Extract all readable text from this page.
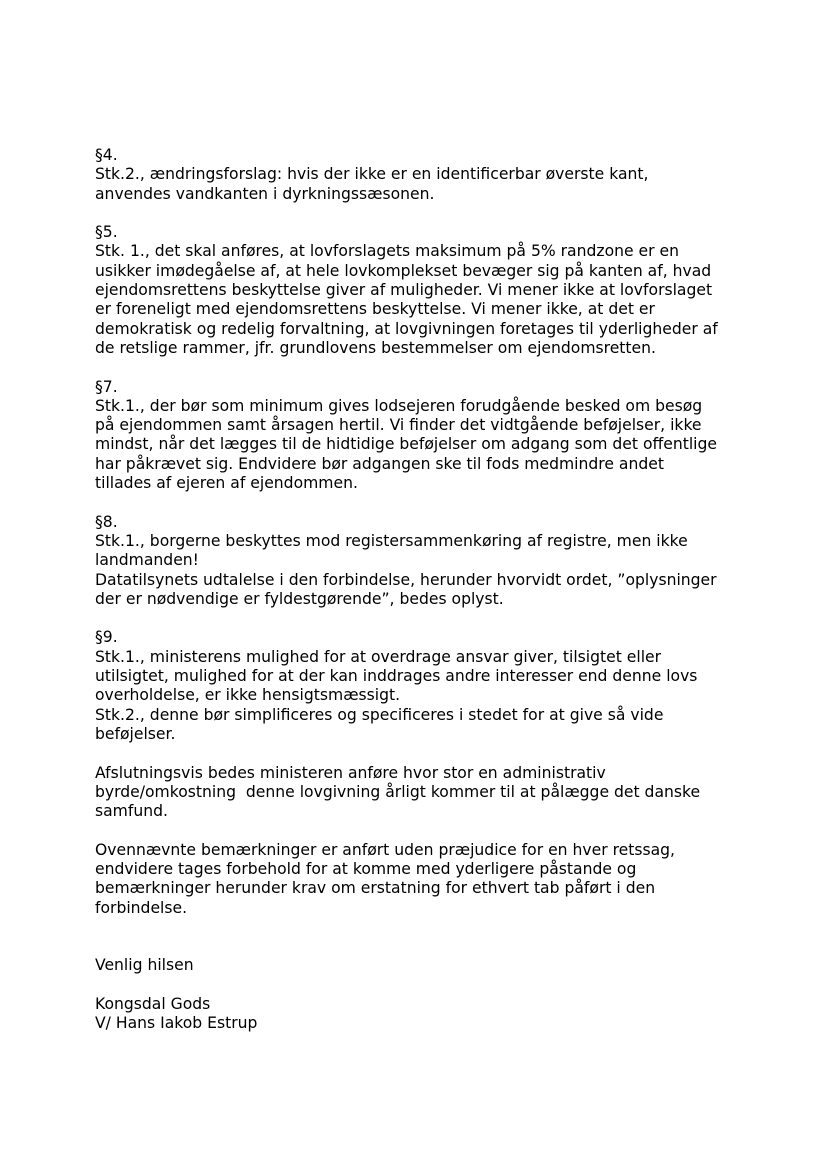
§4.
Stk.2., ændringsforslag: hvis der ikke er en identificerbar øverste kant,
anvendes vandkanten i dyrkningssæsonen.
§5.
Stk. 1., det skal anføres, at lovforslagets maksimum på 5% randzone er en
usikker imødegåelse af, at hele lovkomplekset bevæger sig på kanten af, hvad
ejendomsrettens beskyttelse giver af muligheder. Vi mener ikke at lovforslaget
er foreneligt med ejendomsrettens beskyttelse. Vi mener ikke, at det er
demokratisk og redelig forvaltning, at lovgivningen foretages til yderligheder af
de retslige rammer, jfr. grundlovens bestemmelser om ejendomsretten.
§7.
Stk.1., der bør som minimum gives lodsejeren forudgående besked om besøg
på ejendommen samt årsagen hertil. Vi finder det vidtgående beføjelser, ikke
mindst, når det lægges til de hidtidige beføjelser om adgang som det offentlige
har påkrævet sig. Endvidere bør adgangen ske til fods medmindre andet
tillades af ejeren af ejendommen.
§8.
Stk.1., borgerne beskyttes mod registersammenkøring af registre, men ikke
landmanden!
Datatilsynets udtalelse i den forbindelse, herunder hvorvidt ordet, ”oplysninger
der er nødvendige er fyldestgørende”, bedes oplyst.
§9.
Stk.1., ministerens mulighed for at overdrage ansvar giver, tilsigtet eller
utilsigtet, mulighed for at der kan inddrages andre interesser end denne lovs
overholdelse, er ikke hensigtsmæssigt.
Stk.2., denne bør simplificeres og specificeres i stedet for at give så vide
beføjelser.
Afslutningsvis bedes ministeren anføre hvor stor en administrativ
byrde/omkostning  denne lovgivning årligt kommer til at pålægge det danske
samfund.
Ovennævnte bemærkninger er anført uden præjudice for en hver retssag,
endvidere tages forbehold for at komme med yderligere påstande og
bemærkninger herunder krav om erstatning for ethvert tab påført i den
forbindelse.
Venlig hilsen
Kongsdal Gods
V/ Hans Iakob Estrup
